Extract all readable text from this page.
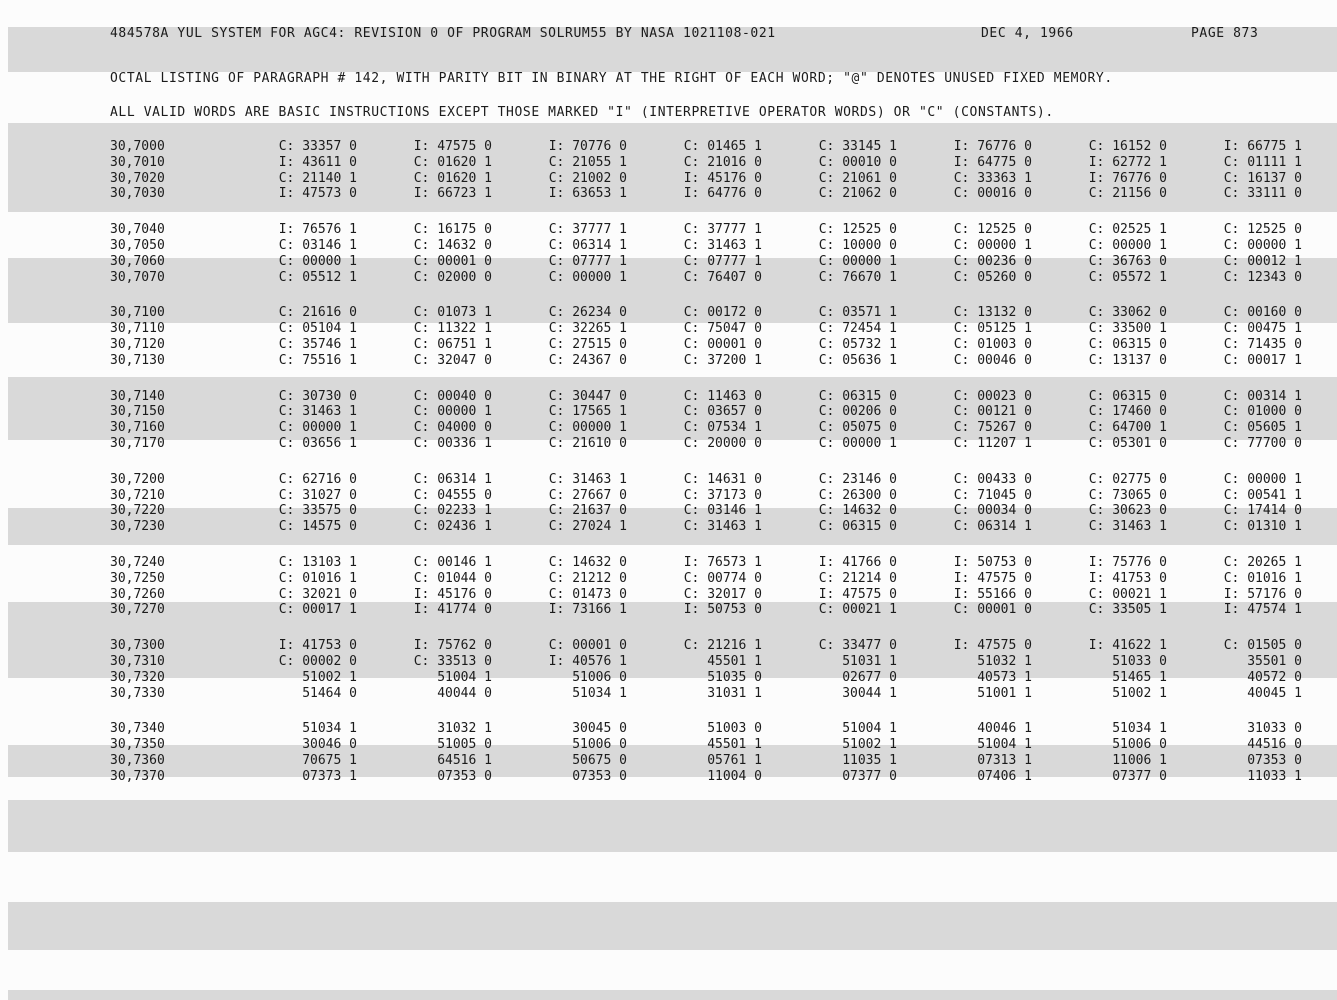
484578A YUL SYSTEM FOR AGC4: REVISION 0 OF PROGRAM SOLRUM55 BY NASA 1021108-021	DEC 4, 1966	PAGE 873
OCTAL LISTING OF PARAGRAPH # 142, WITH PARITY BIT IN BINARY AT THE RIGHT OF EACH WORD; "@" DENOTES UNUSED FIXED MEMORY.
ALL VALID WORDS ARE BASIC INSTRUCTIONS EXCEPT THOSE MARKED "I" (INTERPRETIVE OPERATOR WORDS) OR "C" (CONSTANTS).
30,7000	C: 33357 0	I: 47575 0	I: 70776 0	C: 01465 1	C: 33145 1	I: 76776 0	C: 16152 0	I: 66775 1
30,7010	I: 43611 0	C: 01620 1	C: 21055 1	C: 21016 0	C: 00010 0	I: 64775 0	I: 62772 1	C: 01111 1
30,7020	C: 21140 1	C: 01620 1	C: 21002 0	I: 45176 0	C: 21061 0	C: 33363 1	I: 76776 0	C: 16137 0
30,7030	I: 47573 0	I: 66723 1	I: 63653 1	I: 64776 0	C: 21062 0	C: 00016 0	C: 21156 0	C: 33111 0
30,7040	I: 76576 1	C: 16175 0	C: 37777 1	C: 37777 1	C: 12525 0	C: 12525 0	C: 02525 1	C: 12525 0
30,7050	C: 03146 1	C: 14632 0	C: 06314 1	C: 31463 1	C: 10000 0	C: 00000 1	C: 00000 1	C: 00000 1
30,7060	C: 00000 1	C: 00001 0	C: 07777 1	C: 07777 1	C: 00000 1	C: 00236 0	C: 36763 0	C: 00012 1
30,7070	C: 05512 1	C: 02000 0	C: 00000 1	C: 76407 0	C: 76670 1	C: 05260 0	C: 05572 1	C: 12343 0
30,7100	C: 21616 0	C: 01073 1	C: 26234 0	C: 00172 0	C: 03571 1	C: 13132 0	C: 33062 0	C: 00160 0
30,7110	C: 05104 1	C: 11322 1	C: 32265 1	C: 75047 0	C: 72454 1	C: 05125 1	C: 33500 1	C: 00475 1
30,7120	C: 35746 1	C: 06751 1	C: 27515 0	C: 00001 0	C: 05732 1	C: 01003 0	C: 06315 0	C: 71435 0
30,7130	C: 75516 1	C: 32047 0	C: 24367 0	C: 37200 1	C: 05636 1	C: 00046 0	C: 13137 0	C: 00017 1
30,7140	C: 30730 0	C: 00040 0	C: 30447 0	C: 11463 0	C: 06315 0	C: 00023 0	C: 06315 0	C: 00314 1
30,7150	C: 31463 1	C: 00000 1	C: 17565 1	C: 03657 0	C: 00206 0	C: 00121 0	C: 17460 0	C: 01000 0
30,7160	C: 00000 1	C: 04000 0	C: 00000 1	C: 07534 1	C: 05075 0	C: 75267 0	C: 64700 1	C: 05605 1
30,7170	C: 03656 1	C: 00336 1	C: 21610 0	C: 20000 0	C: 00000 1	C: 11207 1	C: 05301 0	C: 77700 0
30,7200	C: 62716 0	C: 06314 1	C: 31463 1	C: 14631 0	C: 23146 0	C: 00433 0	C: 02775 0	C: 00000 1
30,7210	C: 31027 0	C: 04555 0	C: 27667 0	C: 37173 0	C: 26300 0	C: 71045 0	C: 73065 0	C: 00541 1
30,7220	C: 33575 0	C: 02233 1	C: 21637 0	C: 03146 1	C: 14632 0	C: 00034 0	C: 30623 0	C: 17414 0
30,7230	C: 14575 0	C: 02436 1	C: 27024 1	C: 31463 1	C: 06315 0	C: 06314 1	C: 31463 1	C: 01310 1
30,7240	C: 13103 1	C: 00146 1	C: 14632 0	I: 76573 1	I: 41766 0	I: 50753 0	I: 75776 0	C: 20265 1
30,7250	C: 01016 1	C: 01044 0	C: 21212 0	C: 00774 0	C: 21214 0	I: 47575 0	I: 41753 0	C: 01016 1
30,7260	C: 32021 0	I: 45176 0	C: 01473 0	C: 32017 0	I: 47575 0	I: 55166 0	C: 00021 1	I: 57176 0
30,7270	C: 00017 1	I: 41774 0	I: 73166 1	I: 50753 0	C: 00021 1	C: 00001 0	C: 33505 1	I: 47574 1
30,7300	I: 41753 0	I: 75762 0	C: 00001 0	C: 21216 1	C: 33477 0	I: 47575 0	I: 41622 1	C: 01505 0
30,7310	C: 00002 0	C: 33513 0	I: 40576 1	45501 1	51031 1	51032 1	51033 0	35501 0
30,7320	51002 1	51004 1	51006 0	51035 0	02677 0	40573 1	51465 1	40572 0
30,7330	51464 0	40044 0	51034 1	31031 1	30044 1	51001 1	51002 1	40045 1
30,7340	51034 1	31032 1	30045 0	51003 0	51004 1	40046 1	51034 1	31033 0
30,7350	30046 0	51005 0	51006 0	45501 1	51002 1	51004 1	51006 0	44516 0
30,7360	70675 1	64516 1	50675 0	05761 1	11035 1	07313 1	11006 1	07353 0
30,7370	07373 1	07353 0	07353 0	11004 0	07377 0	07406 1	07377 0	11033 1
